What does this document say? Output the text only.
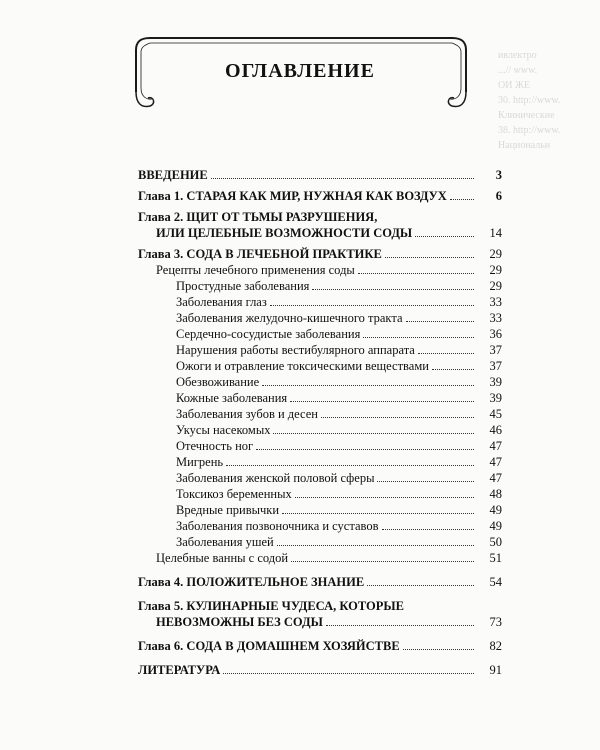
ивлектро
...// www.
ОИ ЖЕ
30. http://www.
Клинические
38. http://www.
Национальн
ОГЛАВЛЕНИЕ
ВВЕДЕНИЕ	3
Глава 1. СТАРАЯ КАК МИР, НУЖНАЯ КАК ВОЗДУХ	6
Глава 2. ЩИТ ОТ ТЬМЫ РАЗРУШЕНИЯ,
ИЛИ ЦЕЛЕБНЫЕ ВОЗМОЖНОСТИ СОДЫ	14
Глава 3. СОДА В ЛЕЧЕБНОЙ ПРАКТИКЕ	29
Рецепты лечебного применения соды	29
Простудные заболевания	29
Заболевания глаз	33
Заболевания желудочно-кишечного тракта	33
Сердечно-сосудистые заболевания	36
Нарушения работы вестибулярного аппарата	37
Ожоги и отравление токсическими веществами	37
Обезвоживание	39
Кожные заболевания	39
Заболевания зубов и десен	45
Укусы насекомых	46
Отечность ног	47
Мигрень	47
Заболевания женской половой сферы	47
Токсикоз беременных	48
Вредные привычки	49
Заболевания позвоночника и суставов	49
Заболевания ушей	50
Целебные ванны с содой	51
Глава 4. ПОЛОЖИТЕЛЬНОЕ ЗНАНИЕ	54
Глава 5. КУЛИНАРНЫЕ ЧУДЕСА, КОТОРЫЕ
НЕВОЗМОЖНЫ БЕЗ СОДЫ	73
Глава 6. СОДА В ДОМАШНЕМ ХОЗЯЙСТВЕ	82
ЛИТЕРАТУРА	91
